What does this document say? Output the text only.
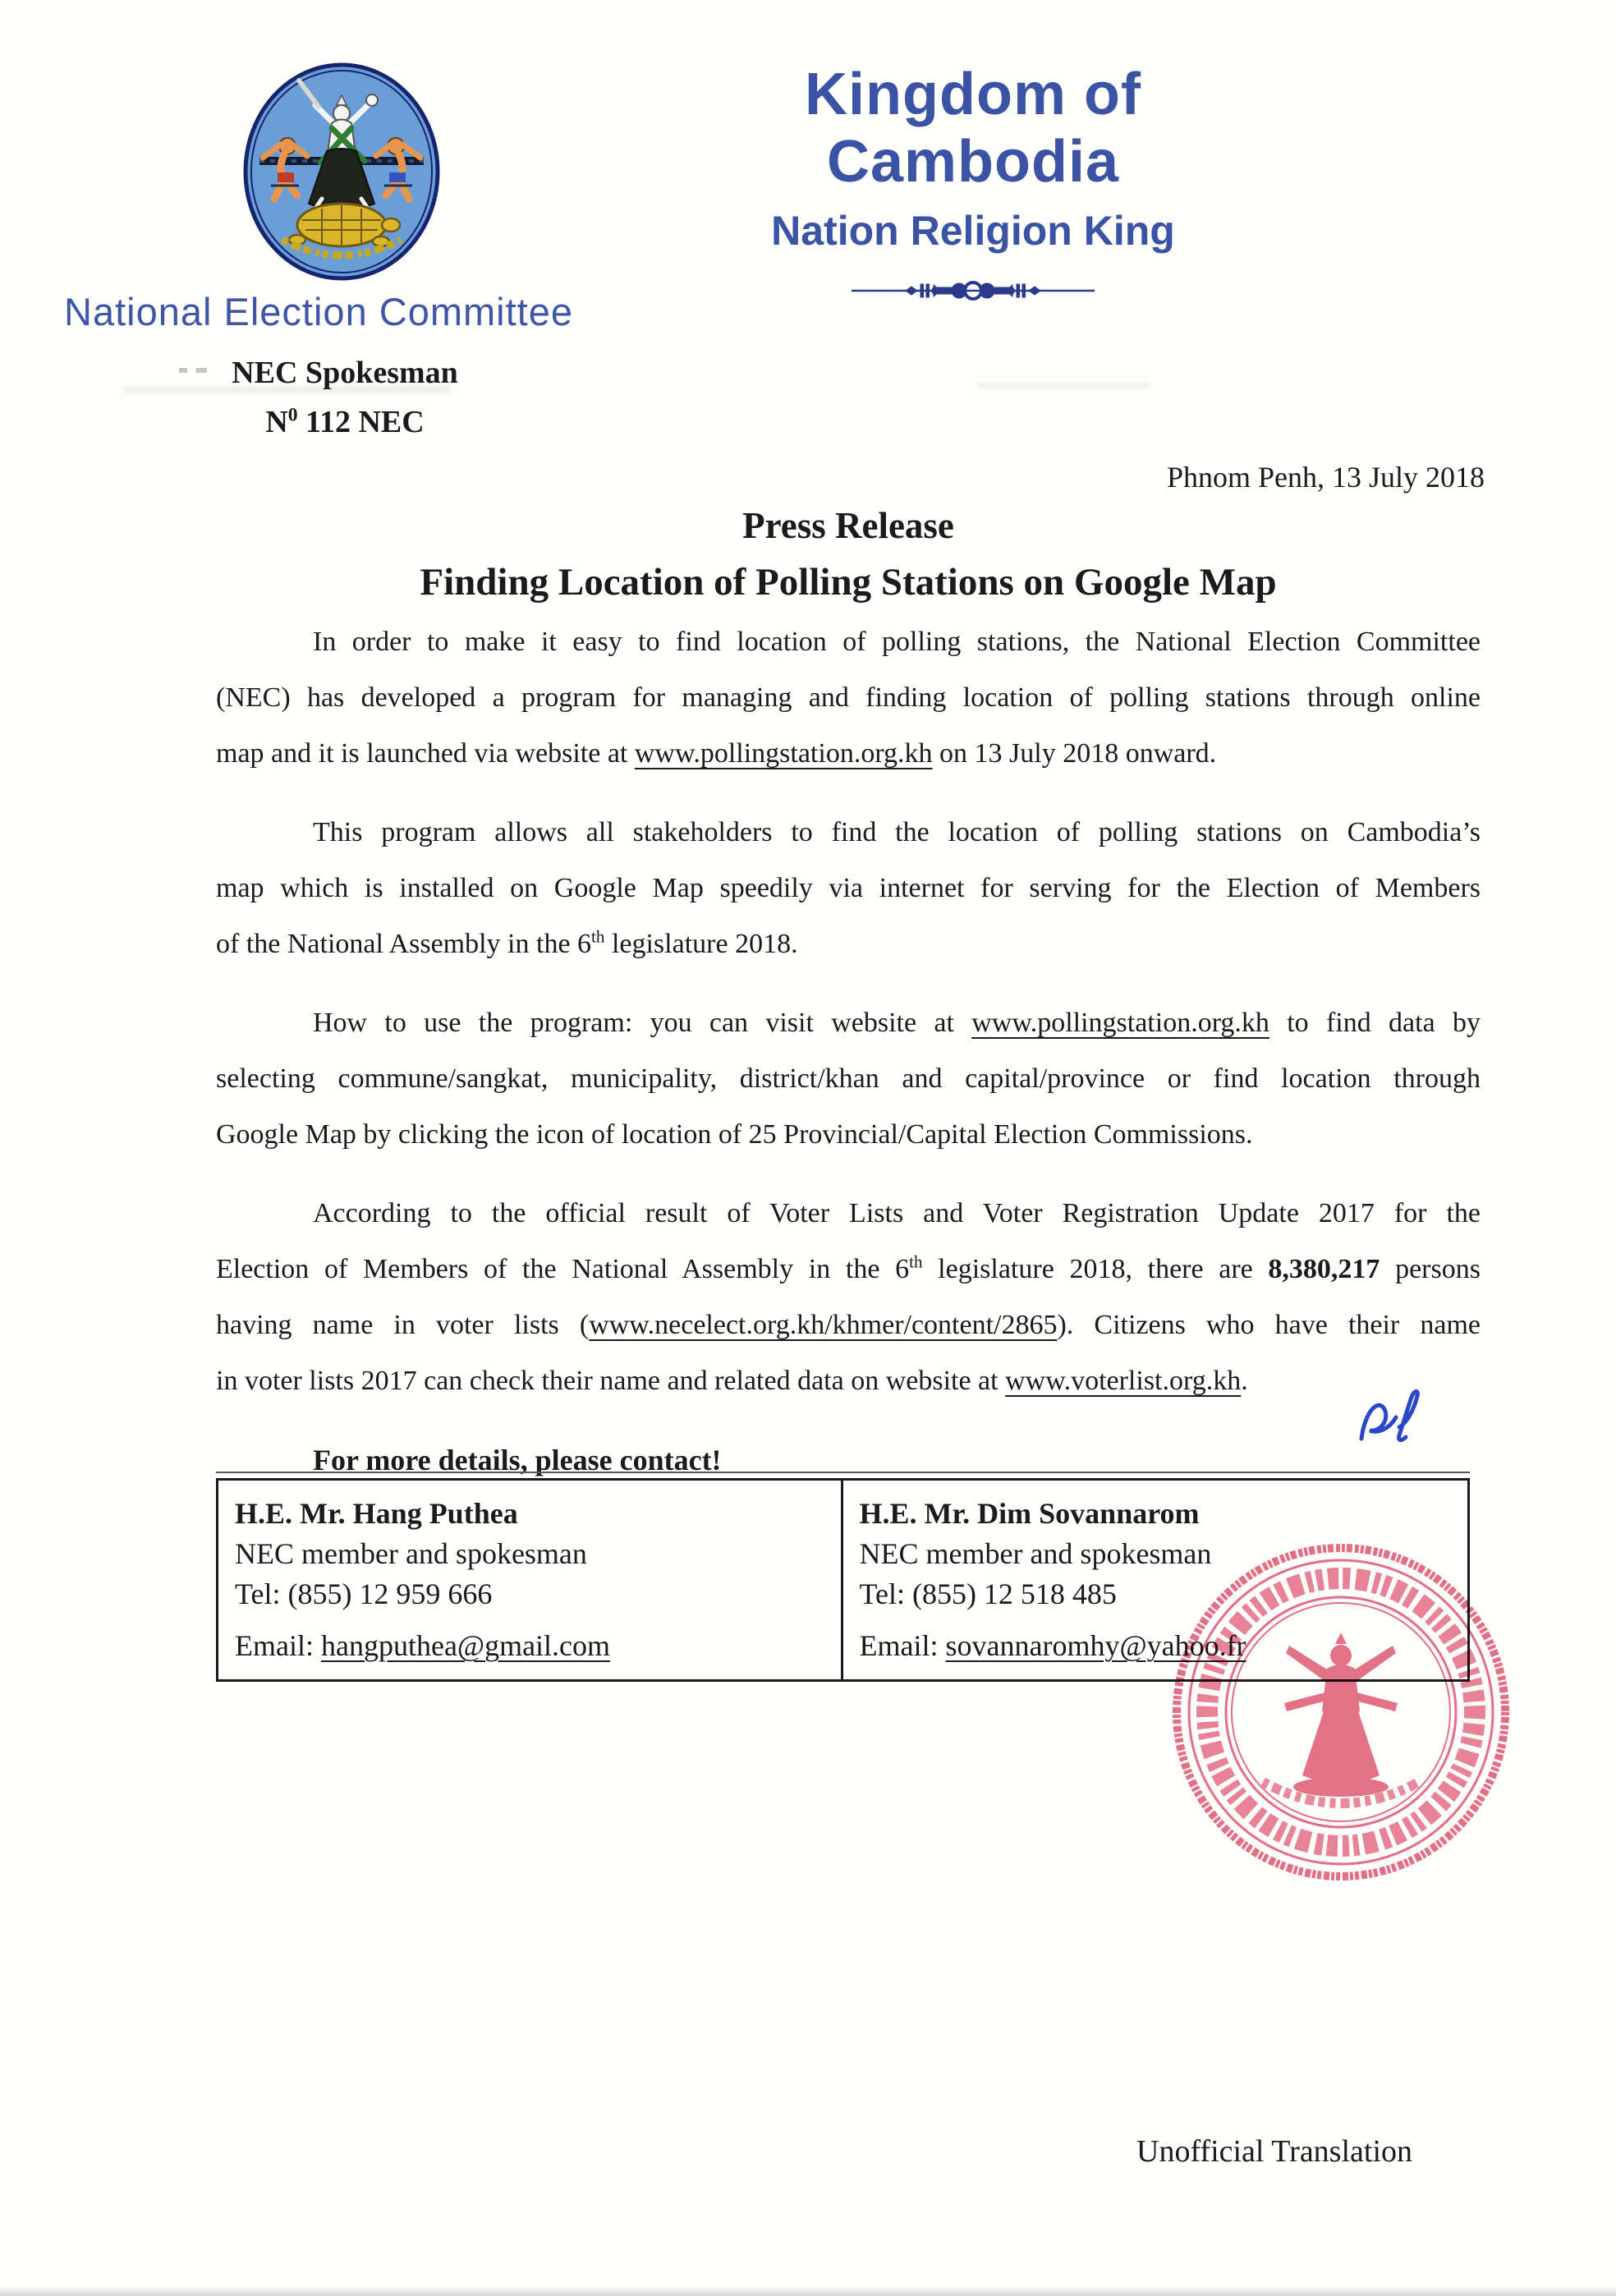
Kingdom of Cambodia
Nation Religion King
National Election Committee
NEC Spokesman
$N^0$ 112 NEC
Phnom Penh, 13 July 2018
Press Release
Finding Location of Polling Stations on Google Map
In order to make it easy to find location of polling stations, the National Election Committee
(NEC) has developed a program for managing and finding location of polling stations through online
map and it is launched via website at www.pollingstation.org.kh on 13 July 2018 onward.
This program allows all stakeholders to find the location of polling stations on Cambodia’s
map which is installed on Google Map speedily via internet for serving for the Election of Members
of the National Assembly in the 6th legislature 2018.
How to use the program: you can visit website at www.pollingstation.org.kh to find data by
selecting commune/sangkat, municipality, district/khan and capital/province or find location through
Google Map by clicking the icon of location of 25 Provincial/Capital Election Commissions.
According to the official result of Voter Lists and Voter Registration Update 2017 for the
Election of Members of the National Assembly in the 6th legislature 2018, there are 8,380,217 persons
having name in voter lists (www.necelect.org.kh/khmer/content/2865). Citizens who have their name
in voter lists 2017 can check their name and related data on website at www.voterlist.org.kh.
For more details, please contact!
H.E. Mr. Hang Puthea
NEC member and spokesman
Tel: (855) 12 959 666
Email: hangputhea@gmail.com
H.E. Mr. Dim Sovannarom
NEC member and spokesman
Tel: (855) 12 518 485
Email: sovannaromhy@yahoo.fr
Unofficial Translation
